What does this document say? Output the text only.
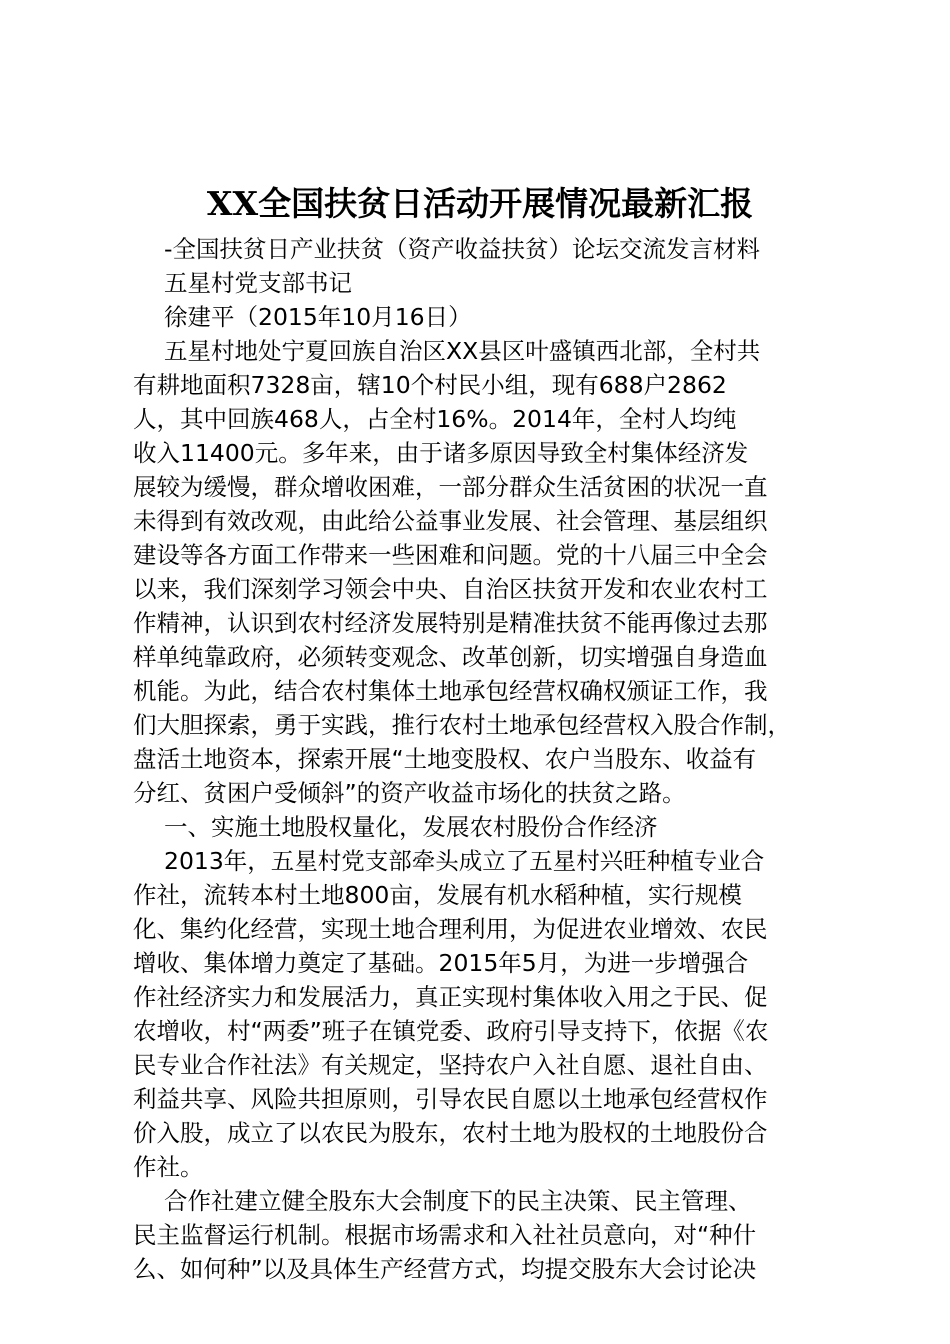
XX全国扶贫日活动开展情况最新汇报
-全国扶贫日产业扶贫（资产收益扶贫）论坛交流发言材料
五星村党支部书记
徐建平（2015年10月16日）
五星村地处宁夏回族自治区XX县区叶盛镇西北部，全村共
有耕地面积7328亩，辖10个村民小组，现有688户2862
人，其中回族468人，占全村16%。2014年，全村人均纯
收入11400元。多年来，由于诸多原因导致全村集体经济发
展较为缓慢，群众增收困难，一部分群众生活贫困的状况一直
未得到有效改观，由此给公益事业发展、社会管理、基层组织
建设等各方面工作带来一些困难和问题。党的十八届三中全会
以来，我们深刻学习领会中央、自治区扶贫开发和农业农村工
作精神，认识到农村经济发展特别是精准扶贫不能再像过去那
样单纯靠政府，必须转变观念、改革创新，切实增强自身造血
机能。为此，结合农村集体土地承包经营权确权颁证工作，我
们大胆探索，勇于实践，推行农村土地承包经营权入股合作制，
盘活土地资本，探索开展“土地变股权、农户当股东、收益有
分红、贫困户受倾斜”的资产收益市场化的扶贫之路。
一、实施土地股权量化，发展农村股份合作经济
2013年，五星村党支部牵头成立了五星村兴旺种植专业合
作社，流转本村土地800亩，发展有机水稻种植，实行规模
化、集约化经营，实现土地合理利用，为促进农业增效、农民
增收、集体增力奠定了基础。2015年5月，为进一步增强合
作社经济实力和发展活力，真正实现村集体收入用之于民、促
农增收，村“两委”班子在镇党委、政府引导支持下，依据《农
民专业合作社法》有关规定，坚持农户入社自愿、退社自由、
利益共享、风险共担原则，引导农民自愿以土地承包经营权作
价入股，成立了以农民为股东，农村土地为股权的土地股份合
作社。
合作社建立健全股东大会制度下的民主决策、民主管理、
民主监督运行机制。根据市场需求和入社社员意向，对“种什
么、如何种”以及具体生产经营方式，均提交股东大会讨论决
